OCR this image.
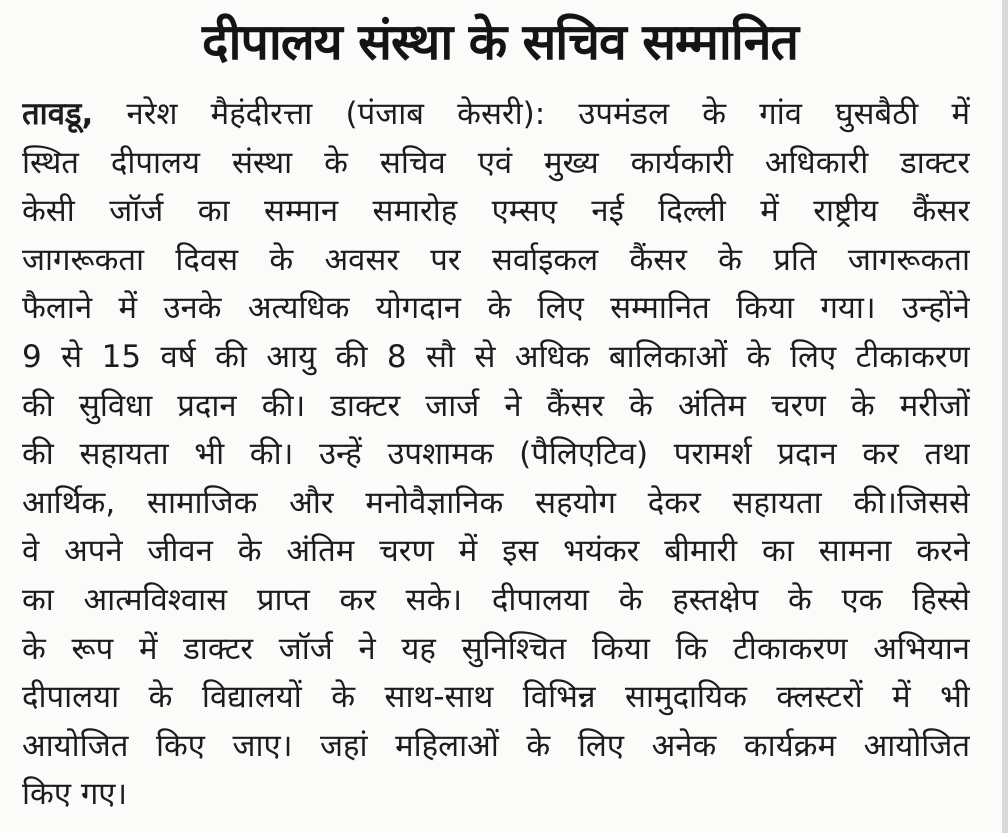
दीपालय संस्था के सचिव सम्मानित
तावडू, नरेश मैहंदीरत्ता (पंजाब केसरी): उपमंडल के गांव घुसबैठी में
स्थित दीपालय संस्था के सचिव एवं मुख्य कार्यकारी अधिकारी डाक्टर
केसी जॉर्ज का सम्मान समारोह एम्सए नई दिल्ली में राष्ट्रीय कैंसर
जागरूकता दिवस के अवसर पर सर्वाइकल कैंसर के प्रति जागरूकता
फैलाने में उनके अत्यधिक योगदान के लिए सम्मानित किया गया। उन्होंने
9 से 15 वर्ष की आयु की 8 सौ से अधिक बालिकाओं के लिए टीकाकरण
की सुविधा प्रदान की। डाक्टर जार्ज ने कैंसर के अंतिम चरण के मरीजों
की सहायता भी की। उन्हें उपशामक (पैलिएटिव) परामर्श प्रदान कर तथा
आर्थिक, सामाजिक और मनोवैज्ञानिक सहयोग देकर सहायता की।जिससे
वे अपने जीवन के अंतिम चरण में इस भयंकर बीमारी का सामना करने
का आत्मविश्वास प्राप्त कर सके। दीपालया के हस्तक्षेप के एक हिस्से
के रूप में डाक्टर जॉर्ज ने यह सुनिश्चित किया कि टीकाकरण अभियान
दीपालया के विद्यालयों के साथ-साथ विभिन्न सामुदायिक क्लस्टरों में भी
आयोजित किए जाए। जहां महिलाओं के लिए अनेक कार्यक्रम आयोजित
किए गए।
